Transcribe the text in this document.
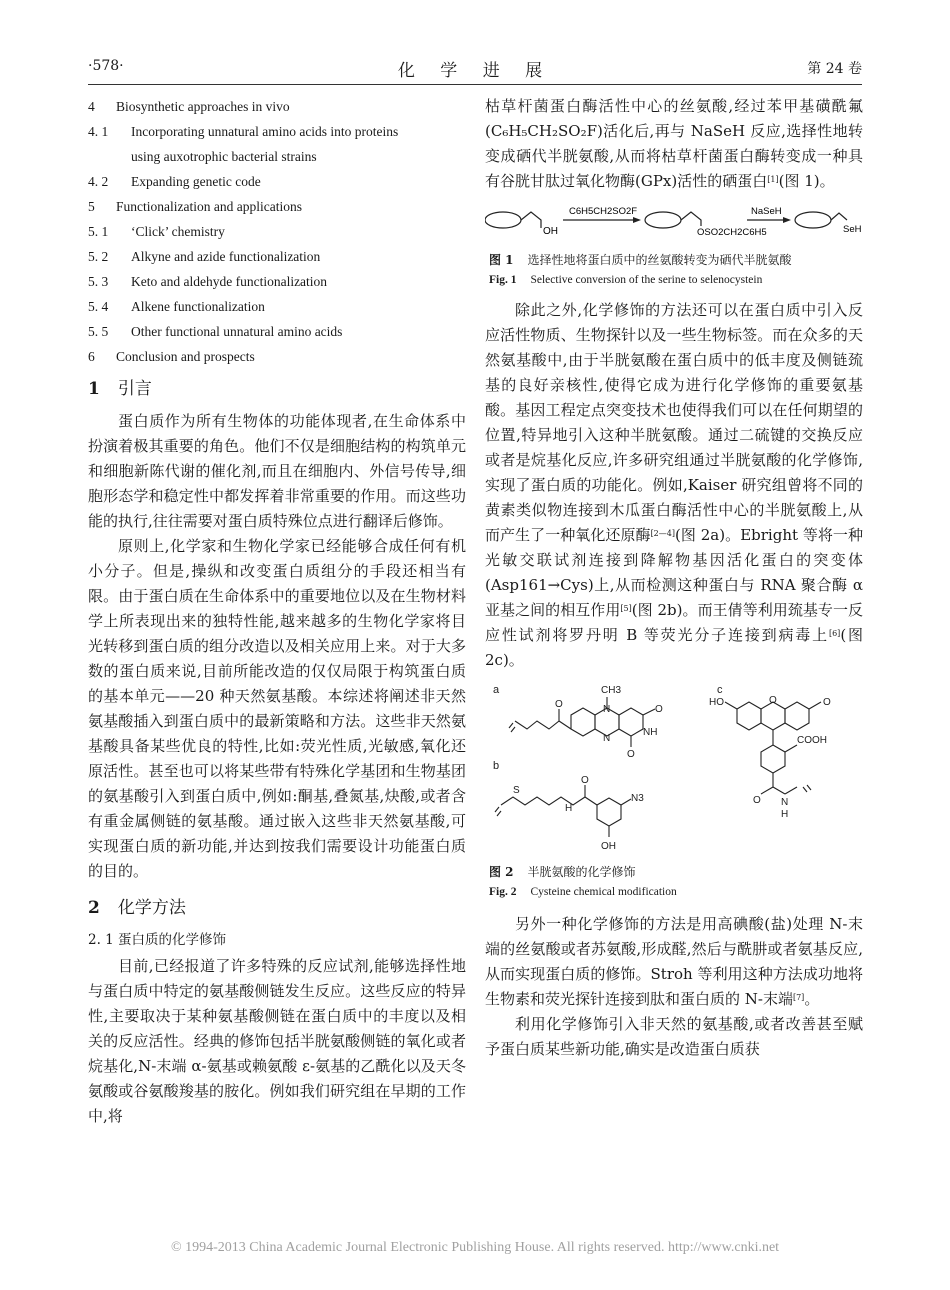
·578·	化 学 进 展	第 24 卷
4 Biosynthetic approaches in vivo
4. 1 Incorporating unnatural amino acids into proteins
using auxotrophic bacterial strains
4. 2 Expanding genetic code
5 Functionalization and applications
5. 1 ‘Click’ chemistry
5. 2 Alkyne and azide functionalization
5. 3 Keto and aldehyde functionalization
5. 4 Alkene functionalization
5. 5 Other functional unnatural amino acids
6 Conclusion and prospects
1 引言

蛋白质作为所有生物体的功能体现者,在生命体系中扮演着极其重要的角色。他们不仅是细胞结构的构筑单元和细胞新陈代谢的催化剂,而且在细胞内、外信号传导,细胞形态学和稳定性中都发挥着非常重要的作用。而这些功能的执行,往往需要对蛋白质特殊位点进行翻译后修饰。

原则上,化学家和生物化学家已经能够合成任何有机小分子。但是,操纵和改变蛋白质组分的手段还相当有限。由于蛋白质在生命体系中的重要地位以及在生物材料学上所表现出来的独特性能,越来越多的生物化学家将目光转移到蛋白质的组分改造以及相关应用上来。对于大多数的蛋白质来说,目前所能改造的仅仅局限于构筑蛋白质的基本单元——20 种天然氨基酸。本综述将阐述非天然氨基酸插入到蛋白质中的最新策略和方法。这些非天然氨基酸具备某些优良的特性,比如:荧光性质,光敏感,氧化还原活性。甚至也可以将某些带有特殊化学基团和生物基团的氨基酸引入到蛋白质中,例如:酮基,叠氮基,炔酸,或者含有重金属侧链的氨基酸。通过嵌入这些非天然氨基酸,可实现蛋白质的新功能,并达到按我们需要设计功能蛋白质的目的。

2 化学方法
2. 1 蛋白质的化学修饰

目前,已经报道了许多特殊的反应试剂,能够选择性地与蛋白质中特定的氨基酸侧链发生反应。这些反应的特异性,主要取决于某种氨基酸侧链在蛋白质中的丰度以及相关的反应活性。经典的修饰包括半胱氨酸侧链的氧化或者烷基化,N-末端 α-氨基或赖氨酸 ε-氨基的乙酰化以及天冬氨酸或谷氨酸羧基的胺化。例如我们研究组在早期的工作中,将

枯草杆菌蛋白酶活性中心的丝氨酸,经过苯甲基磺酰氟(C₆H₅CH₂SO₂F)活化后,再与 NaSeH 反应,选择性地转变成硒代半胱氨酸,从而将枯草杆菌蛋白酶转变成一种具有谷胱甘肽过氧化物酶(GPx)活性的硒蛋白[1](图 1)。

OH
C6H5CH2SO2F
OSO2CH2C6H5
NaSeH
SeH
图 1 选择性地将蛋白质中的丝氨酸转变为硒代半胱氨酸
Fig. 1 Selective conversion of the serine to selenocystein

除此之外,化学修饰的方法还可以在蛋白质中引入反应活性物质、生物探针以及一些生物标签。而在众多的天然氨基酸中,由于半胱氨酸在蛋白质中的低丰度及侧链巯基的良好亲核性,使得它成为进行化学修饰的重要氨基酸。基因工程定点突变技术也使得我们可以在任何期望的位置,特异地引入这种半胱氨酸。通过二硫键的交换反应或者是烷基化反应,许多研究组通过半胱氨酸的化学修饰,实现了蛋白质的功能化。例如,Kaiser 研究组曾将不同的黄素类似物连接到木瓜蛋白酶活性中心的半胱氨酸上,从而产生了一种氧化还原酶[2—4](图 2a)。Ebright 等将一种光敏交联试剂连接到降解物基因活化蛋白的突变体(Asp161→Cys)上,从而检测这种蛋白与 RNA 聚合酶 α 亚基之间的相互作用[5](图 2b)。而王倩等利用巯基专一反应性试剂将罗丹明 B 等荧光分子连接到病毒上[6](图 2c)。

a
b
c
O
CH3
N	O
NH
O
N
S
H
O
N3
OH
HO	O	O
COOH
O N
H
图 2 半胱氨酸的化学修饰
Fig. 2 Cysteine chemical modification

另外一种化学修饰的方法是用高碘酸(盐)处理 N-末端的丝氨酸或者苏氨酸,形成醛,然后与酰肼或者氨基反应,从而实现蛋白质的修饰。Stroh 等利用这种方法成功地将生物素和荧光探针连接到肽和蛋白质的 N-末端[7]。

利用化学修饰引入非天然的氨基酸,或者改善甚至赋予蛋白质某些新功能,确实是改造蛋白质获

© 1994-2013 China Academic Journal Electronic Publishing House. All rights reserved. http://www.cnki.net
